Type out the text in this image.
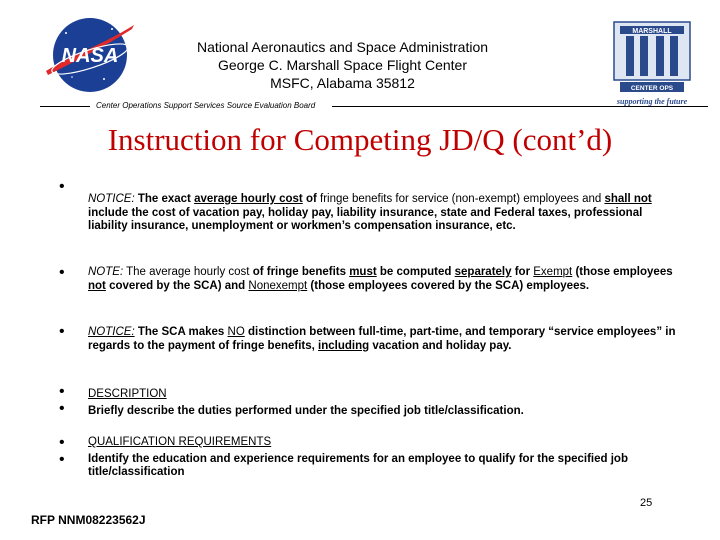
NASA	National Aeronautics and Space Administration
George C. Marshall Space Flight Center
MSFC, Alabama 35812
Center Operations Support Services Source Evaluation Board
MARSHALL
CENTER OPS
supporting the future
Instruction for Competing JD/Q (cont’d)
•
•
•
•
•
•
•
NOTICE: The exact average hourly cost of fringe benefits for service (non-exempt) employees and shall not include the cost of vacation pay, holiday pay, liability insurance, state and Federal taxes, professional liability insurance, unemployment or workmen’s compensation insurance, etc.
NOTE: The average hourly cost of fringe benefits must be computed separately for Exempt (those employees not covered by the SCA) and Nonexempt (those employees covered by the SCA) employees.
NOTICE: The SCA makes NO distinction between full-time, part-time, and temporary “service employees” in regards to the payment of fringe benefits, including vacation and holiday pay.
DESCRIPTION
Briefly describe the duties performed under the specified job title/classification.
QUALIFICATION REQUIREMENTS
Identify the education and experience requirements for an employee to qualify for the specified job title/classification
25
RFP NNM08223562J
